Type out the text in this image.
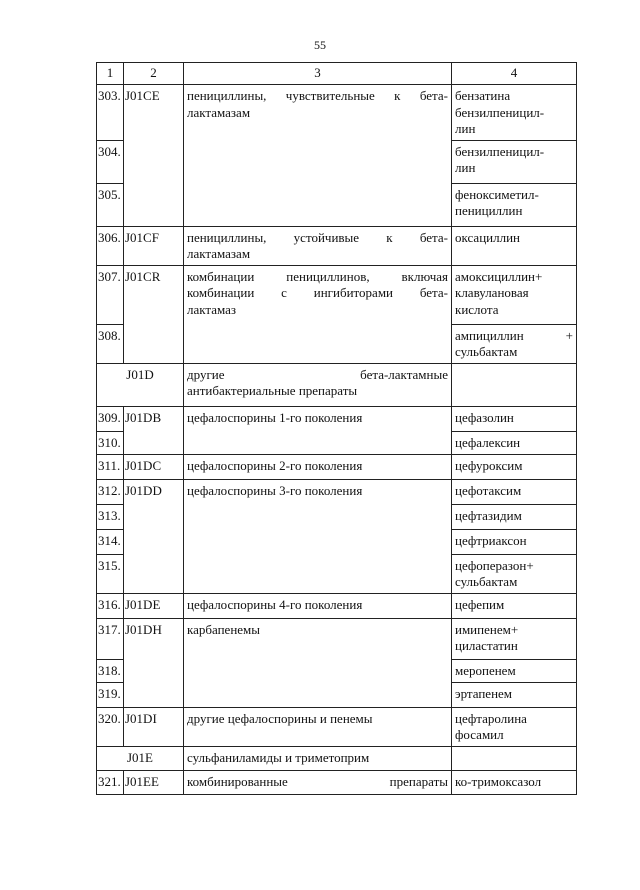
55
1	2	3	4
303.	J01CE	пенициллины, чувствительные к бета-
лактамазам	бензатина
бензилпеницил-
лин

304.			бензилпеницил-
лин

305.			феноксиметил-
пенициллин

306.	J01CF	пенициллины, устойчивые к бета-
лактамазам	оксациллин

307.	J01CR	комбинации пенициллинов, включая
комбинации с ингибиторами бета-
лактамаз	амоксициллин+
клавулановая
кислота

308.			ампициллин +
сульбактам

J01D		другие бета-лактамные
антибактериальные препараты	

309.	J01DB	цефалоспорины 1-го поколения	цефазолин

310.			цефалексин

311.	J01DC	цефалоспорины 2-го поколения	цефуроксим

312.	J01DD	цефалоспорины 3-го поколения	цефотаксим

313.			цефтазидим

314.			цефтриаксон

315.			цефоперазон+
сульбактам

316.	J01DE	цефалоспорины 4-го поколения	цефепим

317.	J01DH	карбапенемы	имипенем+
циластатин

318.			меропенем

319.			эртапенем

320.	J01DI	другие цефалоспорины и пенемы	цефтаролина
фосамил

J01E		сульфаниламиды и триметоприм	

321.	J01EE	комбинированные препараты	ко-тримоксазол
